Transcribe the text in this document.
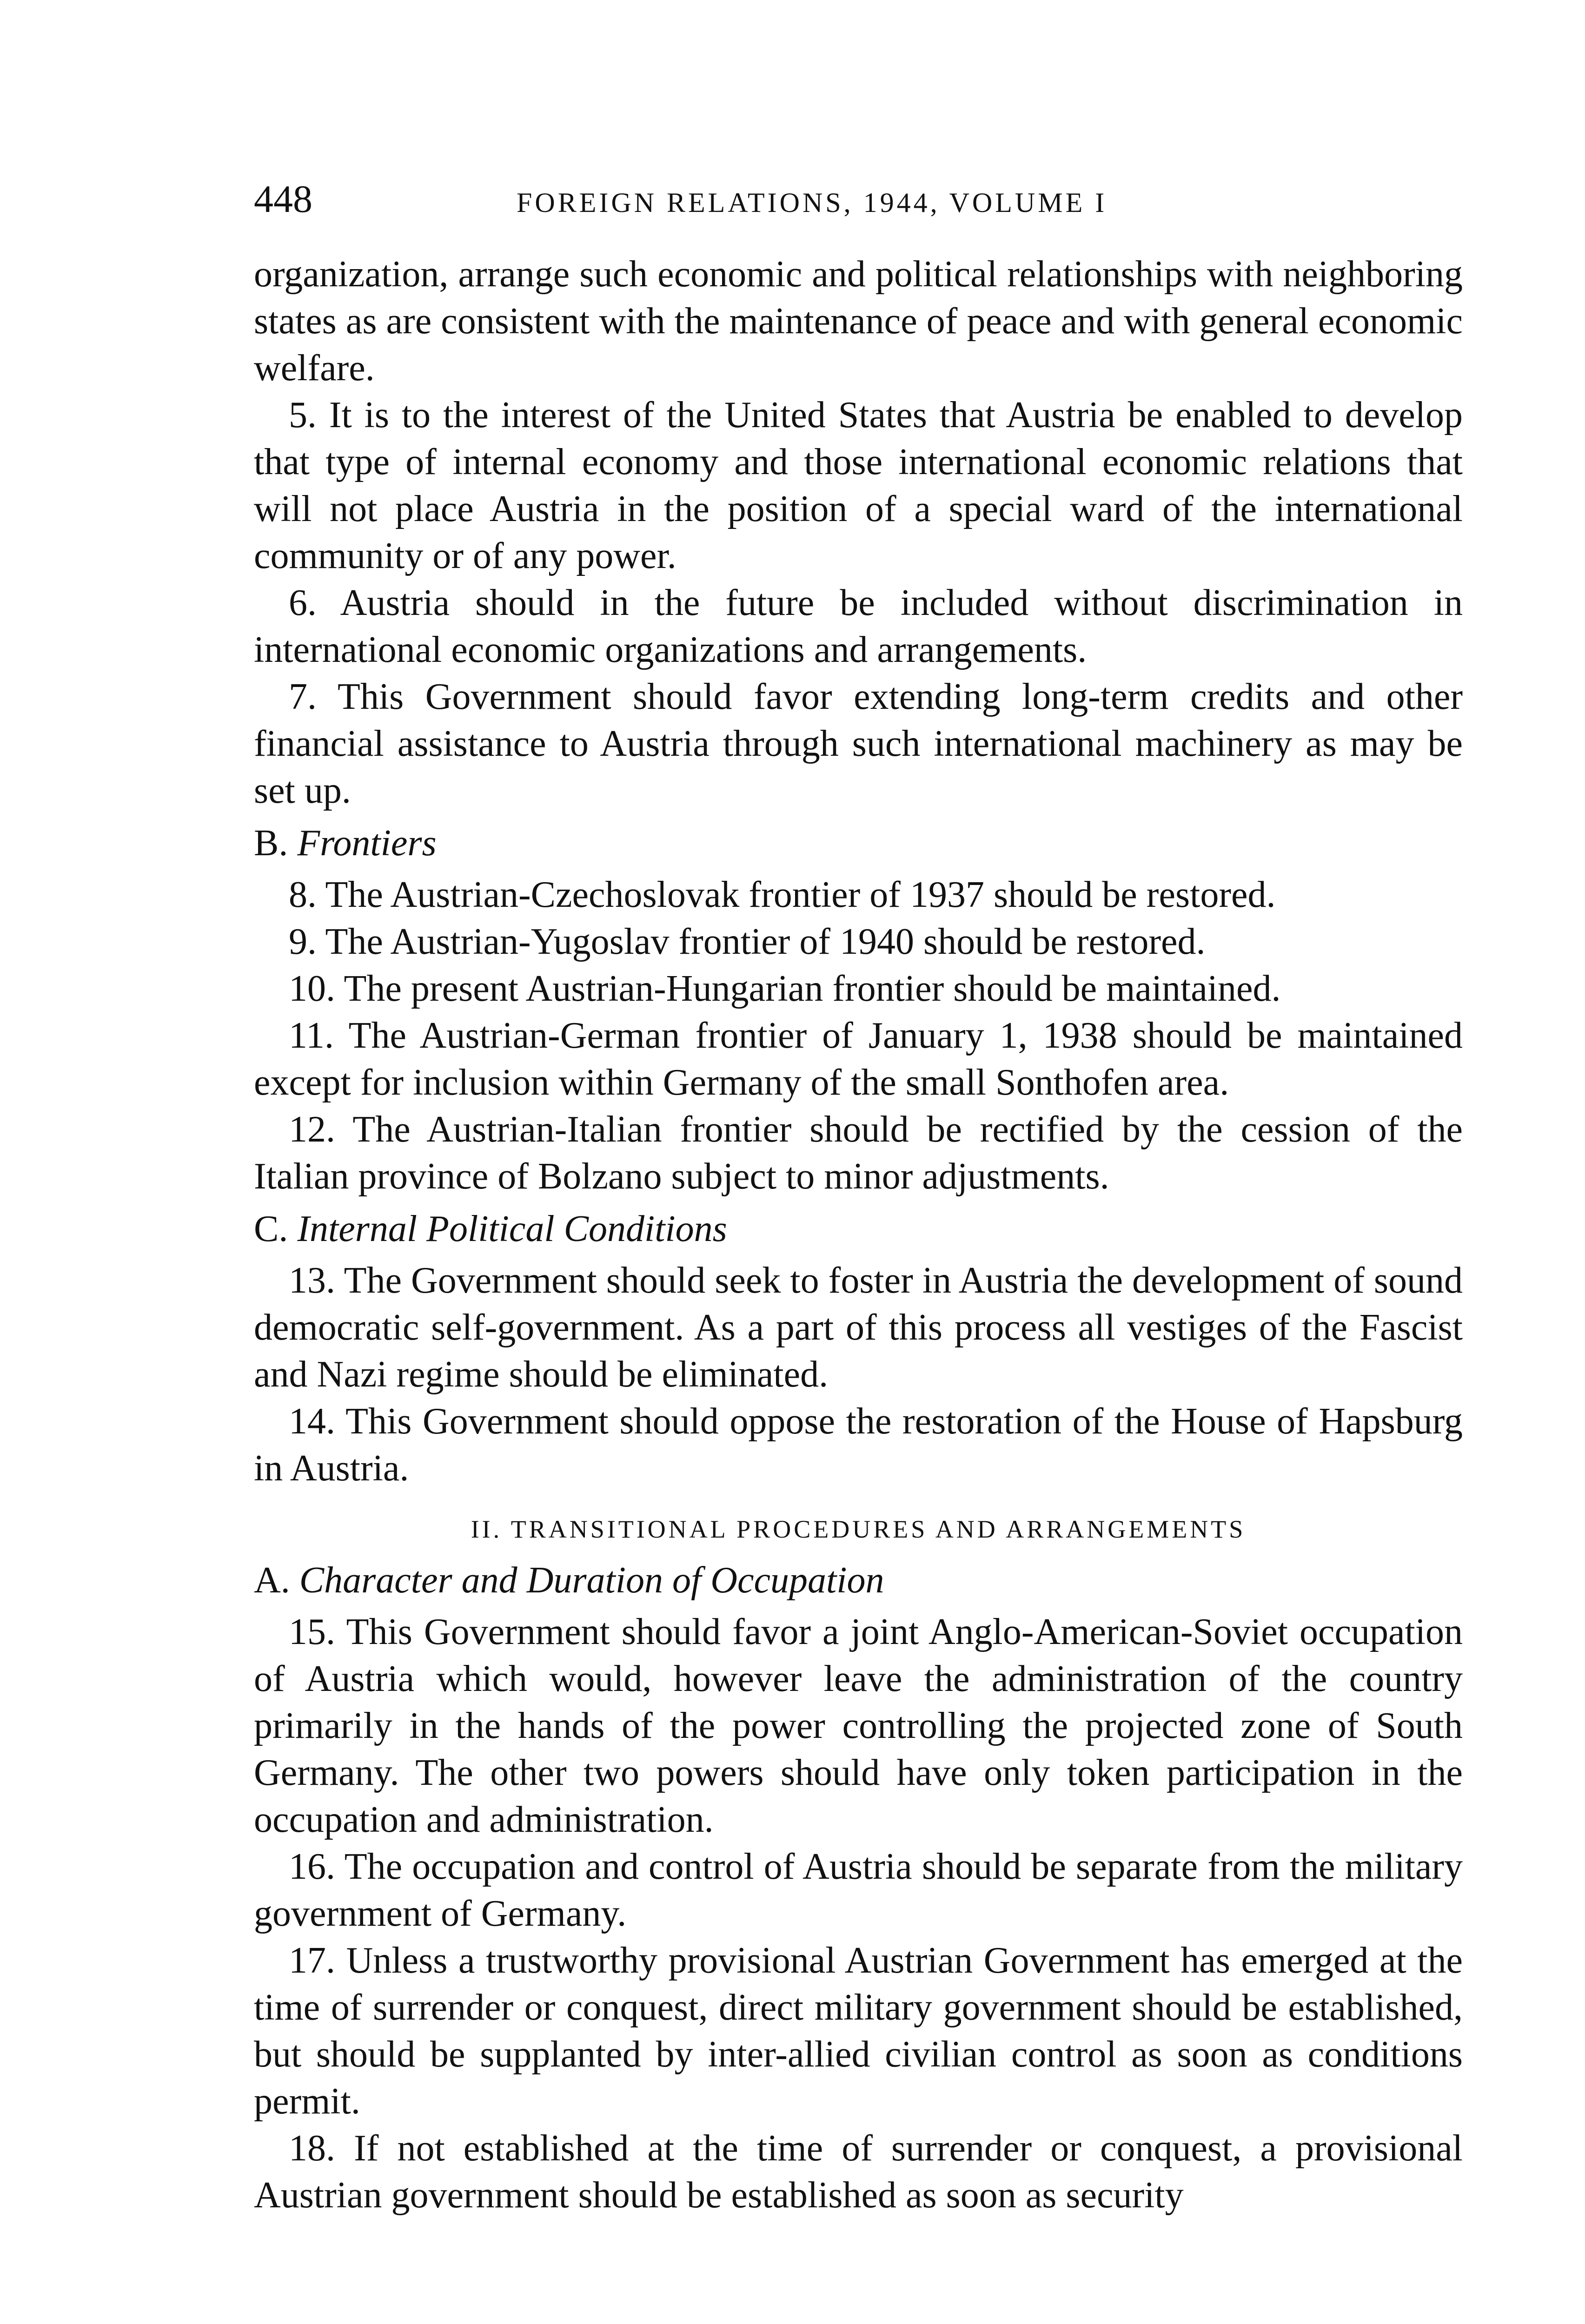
448	FOREIGN RELATIONS, 1944, VOLUME I

organization, arrange such economic and political relationships with neighboring states as are consistent with the maintenance of peace and with general economic welfare.

5. It is to the interest of the United States that Austria be enabled to develop that type of internal economy and those international economic relations that will not place Austria in the position of a special ward of the international community or of any power.

6. Austria should in the future be included without discrimination in international economic organizations and arrangements.

7. This Government should favor extending long-term credits and other financial assistance to Austria through such international machinery as may be set up.

B. Frontiers

8. The Austrian-Czechoslovak frontier of 1937 should be restored.

9. The Austrian-Yugoslav frontier of 1940 should be restored.

10. The present Austrian-Hungarian frontier should be maintained.

11. The Austrian-German frontier of January 1, 1938 should be maintained except for inclusion within Germany of the small Sonthofen area.

12. The Austrian-Italian frontier should be rectified by the cession of the Italian province of Bolzano subject to minor adjustments.

C. Internal Political Conditions

13. The Government should seek to foster in Austria the development of sound democratic self-government. As a part of this process all vestiges of the Fascist and Nazi regime should be eliminated.

14. This Government should oppose the restoration of the House of Hapsburg in Austria.

II. TRANSITIONAL PROCEDURES AND ARRANGEMENTS
A. Character and Duration of Occupation

15. This Government should favor a joint Anglo-American-Soviet occupation of Austria which would, however leave the administration of the country primarily in the hands of the power controlling the projected zone of South Germany. The other two powers should have only token participation in the occupation and administration.

16. The occupation and control of Austria should be separate from the military government of Germany.

17. Unless a trustworthy provisional Austrian Government has emerged at the time of surrender or conquest, direct military government should be established, but should be supplanted by inter-allied civilian control as soon as conditions permit.

18. If not established at the time of surrender or conquest, a provisional Austrian government should be established as soon as security
